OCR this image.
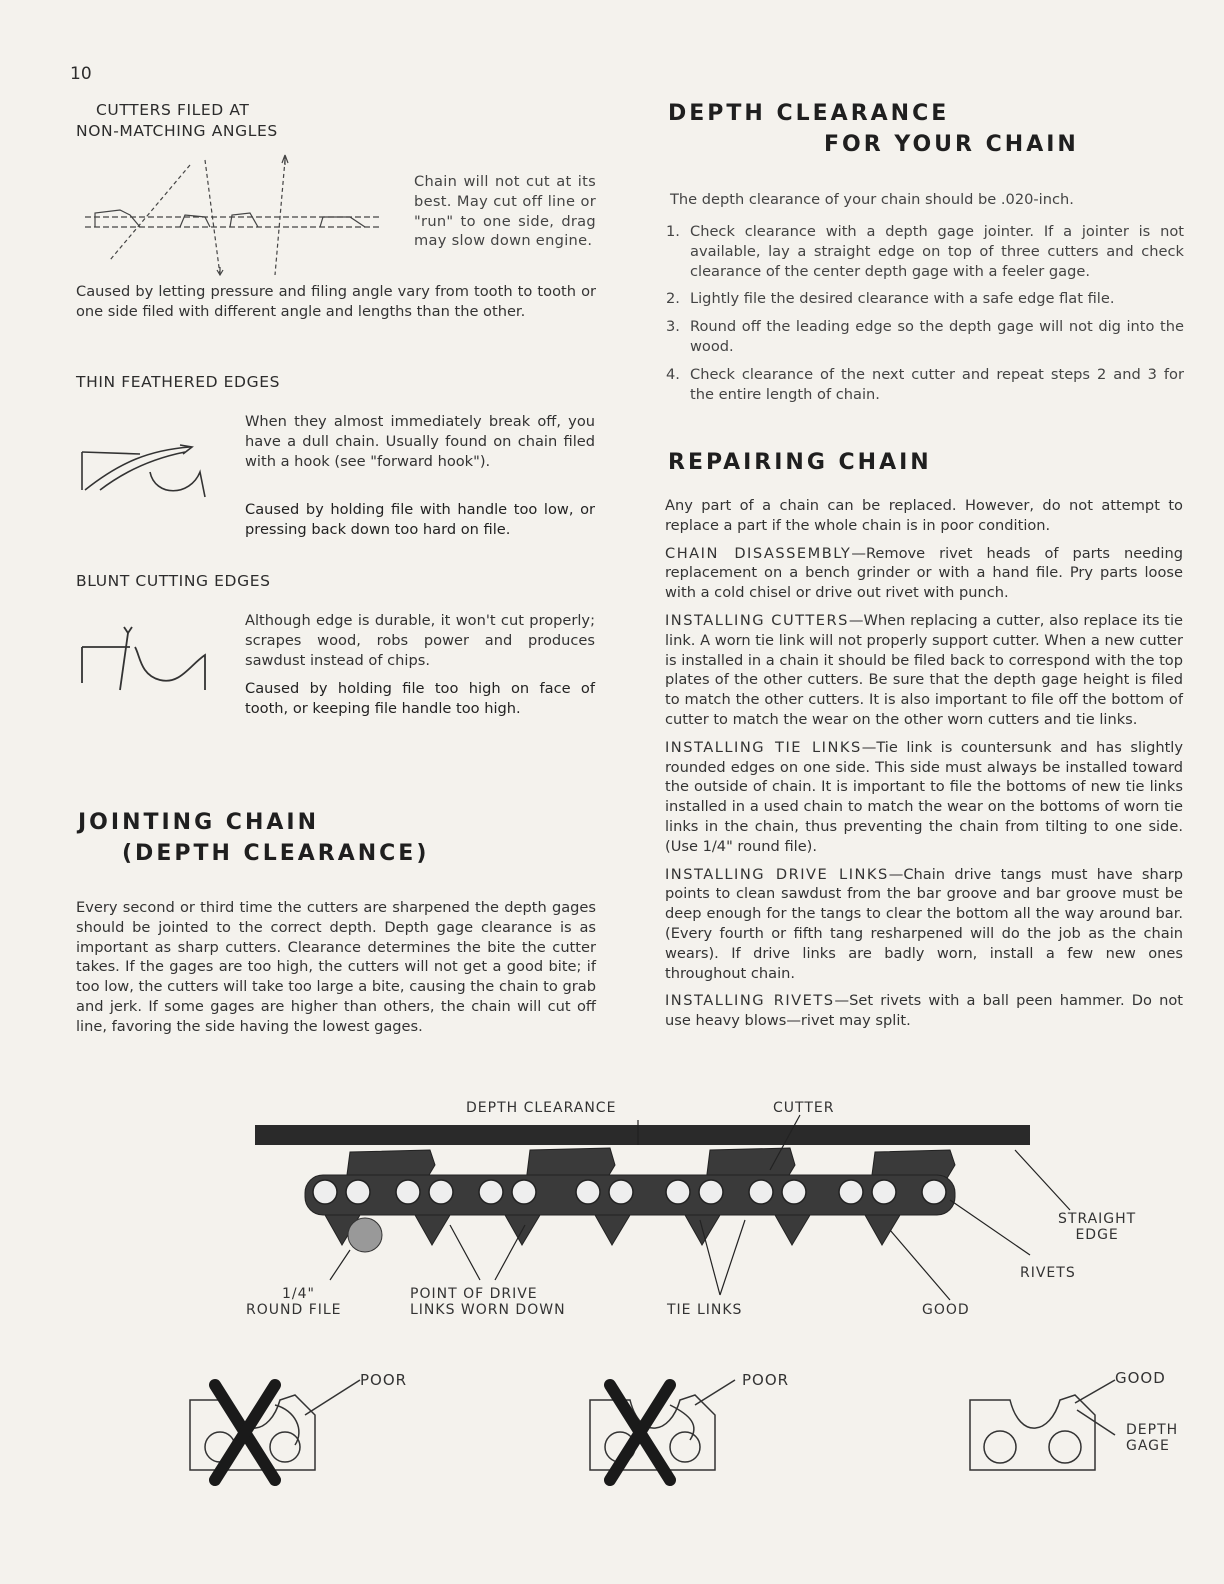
10
CUTTERS FILED AT
NON-MATCHING ANGLES
Chain will not cut at its best. May cut off line or "run" to one side, drag may slow down engine.
Caused by letting pressure and filing angle vary from tooth to tooth or one side filed with different angle and lengths than the other.
THIN FEATHERED EDGES
When they almost immediately break off, you have a dull chain. Usually found on chain filed with a hook (see "forward hook").
Caused by holding file with handle too low, or pressing back down too hard on file.
BLUNT CUTTING EDGES
Although edge is durable, it won't cut properly; scrapes wood, robs power and produces sawdust instead of chips.
Caused by holding file too high on face of tooth, or keeping file handle too high.
JOINTING CHAIN
(DEPTH CLEARANCE)
Every second or third time the cutters are sharpened the depth gages should be jointed to the correct depth. Depth gage clearance is as important as sharp cutters. Clearance determines the bite the cutter takes. If the gages are too high, the cutters will not get a good bite; if too low, the cutters will take too large a bite, causing the chain to grab and jerk. If some gages are higher than others, the chain will cut off line, favoring the side having the lowest gages.
DEPTH CLEARANCE
FOR YOUR CHAIN
The depth clearance of your chain should be .020-inch.
1. Check clearance with a depth gage jointer. If a jointer is not available, lay a straight edge on top of three cutters and check clearance of the center depth gage with a feeler gage.
2. Lightly file the desired clearance with a safe edge flat file.
3. Round off the leading edge so the depth gage will not dig into the wood.
4. Check clearance of the next cutter and repeat steps 2 and 3 for the entire length of chain.
REPAIRING CHAIN

Any part of a chain can be replaced. However, do not attempt to replace a part if the whole chain is in poor condition.

CHAIN DISASSEMBLY—Remove rivet heads of parts needing replacement on a bench grinder or with a hand file. Pry parts loose with a cold chisel or drive out rivet with punch.

INSTALLING CUTTERS—When replacing a cutter, also replace its tie link. A worn tie link will not properly support cutter. When a new cutter is installed in a chain it should be filed back to correspond with the top plates of the other cutters. Be sure that the depth gage height is filed to match the other cutters. It is also important to file off the bottom of cutter to match the wear on the other worn cutters and tie links.

INSTALLING TIE LINKS—Tie link is countersunk and has slightly rounded edges on one side. This side must always be installed toward the outside of chain. It is important to file the bottoms of new tie links installed in a used chain to match the wear on the bottoms of worn tie links in the chain, thus preventing the chain from tilting to one side. (Use 1/4" round file).

INSTALLING DRIVE LINKS—Chain drive tangs must have sharp points to clean sawdust from the bar groove and bar groove must be deep enough for the tangs to clear the bottom all the way around bar. (Every fourth or fifth tang resharpened will do the job as the chain wears). If drive links are badly worn, install a few new ones throughout chain.

INSTALLING RIVETS—Set rivets with a ball peen hammer. Do not use heavy blows—rivet may split.

DEPTH CLEARANCE	CUTTER
STRAIGHT
EDGE
RIVETS
1/4"
ROUND FILE
POINT OF DRIVE
LINKS WORN DOWN	TIE LINKS	GOOD
POOR	POOR	GOOD
DEPTH
GAGE
